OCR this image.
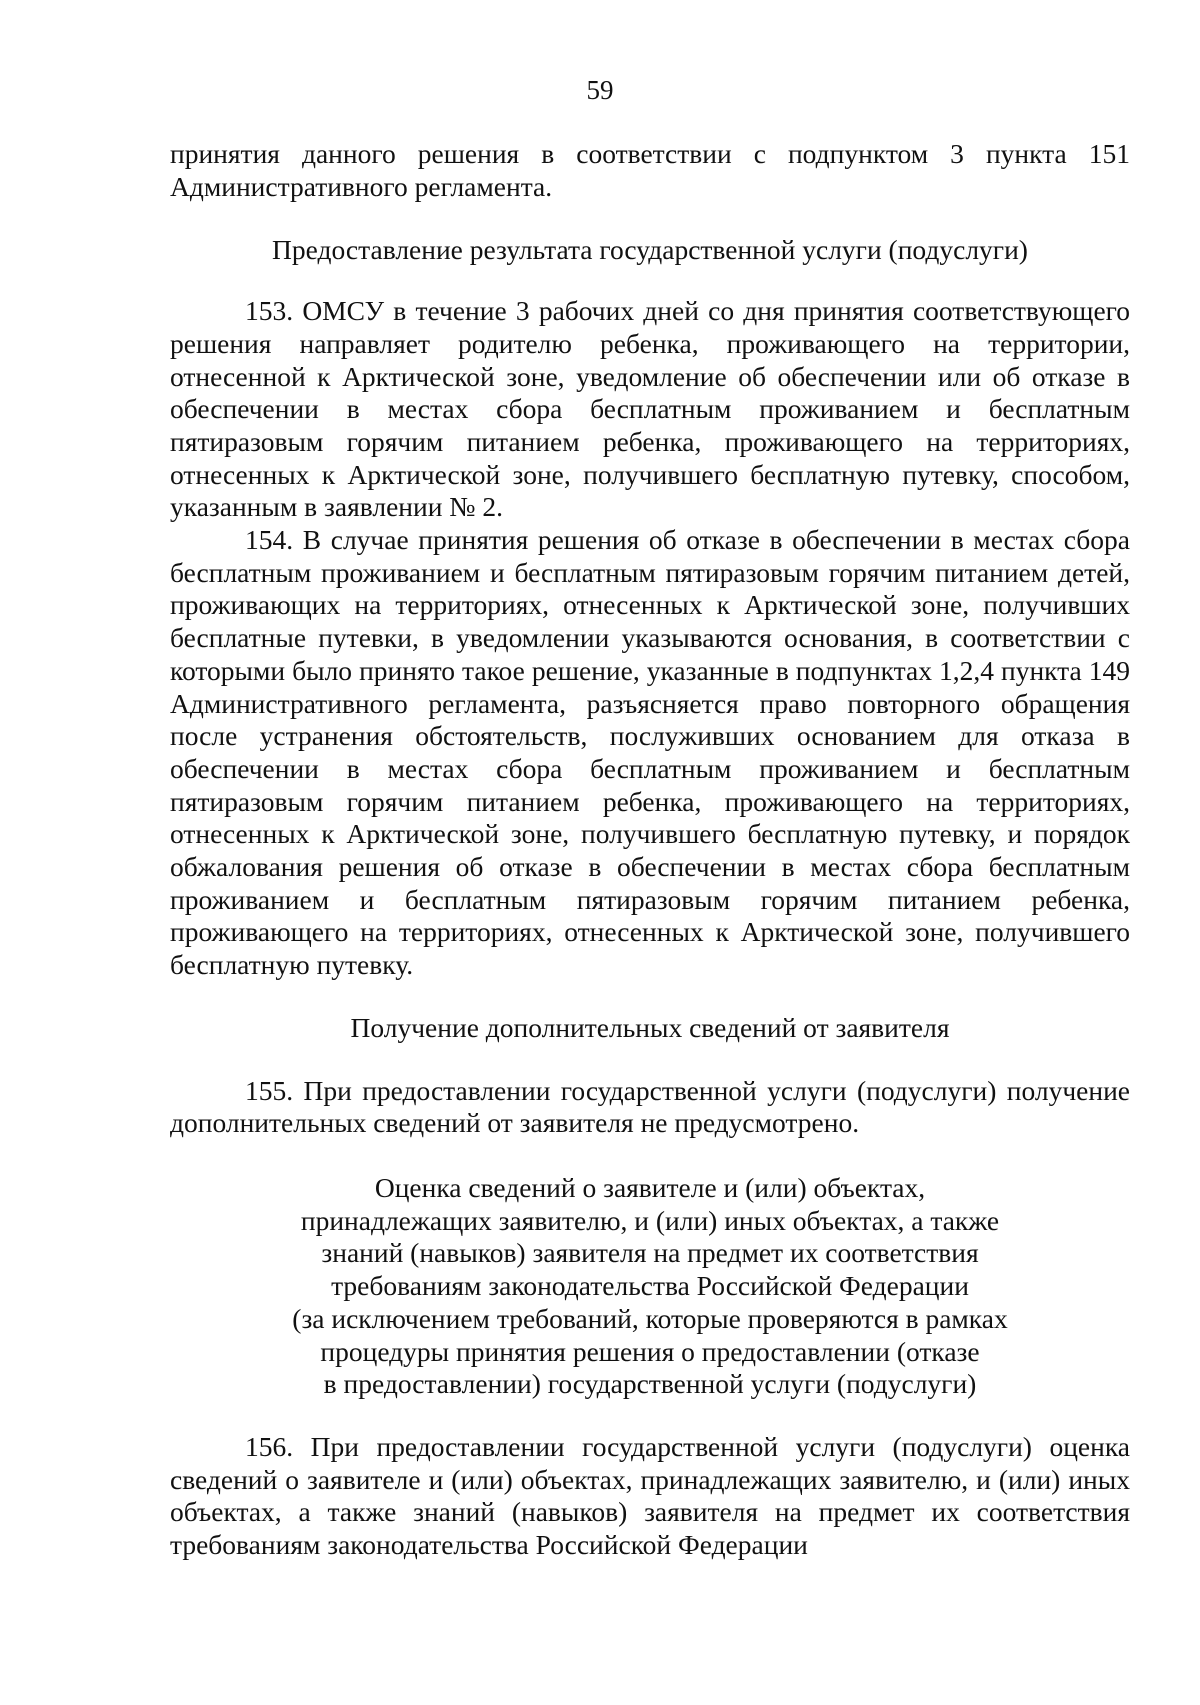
59

принятия данного решения в соответствии с подпунктом 3 пункта 151 Административного регламента.

Предоставление результата государственной услуги (подуслуги)

153. ОМСУ в течение 3 рабочих дней со дня принятия соответствующего решения направляет родителю ребенка, проживающего на территории, отнесенной к Арктической зоне, уведомление об обеспечении или об отказе в обеспечении в местах сбора бесплатным проживанием и бесплатным пятиразовым горячим питанием ребенка, проживающего на территориях, отнесенных к Арктической зоне, получившего бесплатную путевку, способом, указанным в заявлении № 2.

154. В случае принятия решения об отказе в обеспечении в местах сбора бесплатным проживанием и бесплатным пятиразовым горячим питанием детей, проживающих на территориях, отнесенных к Арктической зоне, получивших бесплатные путевки, в уведомлении указываются основания, в соответствии с которыми было принято такое решение, указанные в подпунктах 1,2,4 пункта 149 Административного регламента, разъясняется право повторного обращения после устранения обстоятельств, послуживших основанием для отказа в обеспечении в местах сбора бесплатным проживанием и бесплатным пятиразовым горячим питанием ребенка, проживающего на территориях, отнесенных к Арктической зоне, получившего бесплатную путевку, и порядок обжалования решения об отказе в обеспечении в местах сбора бесплатным проживанием и бесплатным пятиразовым горячим питанием ребенка, проживающего на территориях, отнесенных к Арктической зоне, получившего бесплатную путевку.

Получение дополнительных сведений от заявителя

155. При предоставлении государственной услуги (подуслуги) получение дополнительных сведений от заявителя не предусмотрено.

Оценка сведений о заявителе и (или) объектах,
принадлежащих заявителю, и (или) иных объектах, а также
знаний (навыков) заявителя на предмет их соответствия
требованиям законодательства Российской Федерации
(за исключением требований, которые проверяются в рамках
процедуры принятия решения о предоставлении (отказе
в предоставлении) государственной услуги (подуслуги)

156. При предоставлении государственной услуги (подуслуги) оценка сведений о заявителе и (или) объектах, принадлежащих заявителю, и (или) иных объектах, а также знаний (навыков) заявителя на предмет их соответствия требованиям законодательства Российской Федерации
